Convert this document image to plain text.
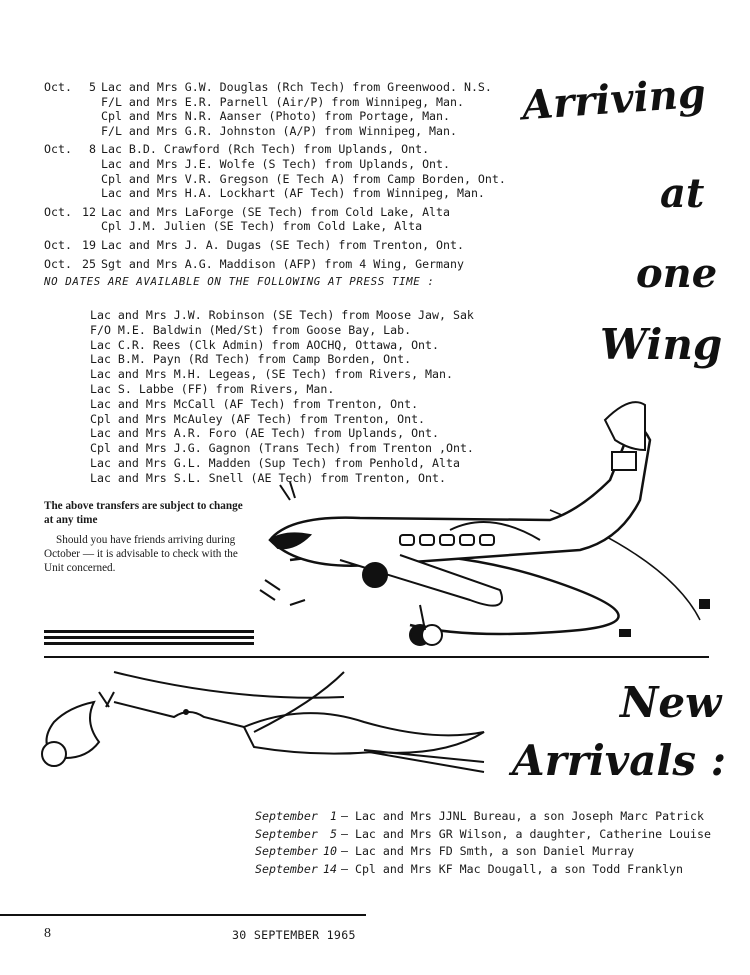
Oct.	5 Lac and Mrs G.W. Douglas (Rch Tech) from Greenwood. N.S.
F/L and Mrs E.R. Parnell (Air/P) from Winnipeg, Man.
Cpl and Mrs N.R. Aanser (Photo) from Portage, Man.
F/L and Mrs G.R. Johnston (A/P) from Winnipeg, Man.
Oct.	8 Lac B.D. Crawford (Rch Tech) from Uplands, Ont.
Lac and Mrs J.E. Wolfe (S Tech) from Uplands, Ont.
Cpl and Mrs V.R. Gregson (E Tech A) from Camp Borden, Ont.
Lac and Mrs H.A. Lockhart (AF Tech) from Winnipeg, Man.
Oct. 12 Lac and Mrs LaForge (SE Tech) from Cold Lake, Alta
Cpl J.M. Julien (SE Tech) from Cold Lake, Alta
Oct. 19 Lac and Mrs J. A. Dugas (SE Tech) from Trenton, Ont.
Oct. 25 Sgt and Mrs A.G. Maddison (AFP) from 4 Wing, Germany
NO DATES ARE AVAILABLE ON THE FOLLOWING AT PRESS TIME :
Lac and Mrs J.W. Robinson (SE Tech) from Moose Jaw, Sak
F/O M.E. Baldwin (Med/St) from Goose Bay, Lab.
Lac C.R. Rees (Clk Admin) from AOCHQ, Ottawa, Ont.
Lac B.M. Payn (Rd Tech) from Camp Borden, Ont.
Lac and Mrs M.H. Legeas, (SE Tech) from Rivers, Man.
Lac S. Labbe (FF) from Rivers, Man.
Lac and Mrs McCall (AF Tech) from Trenton, Ont.
Cpl and Mrs McAuley (AF Tech) from Trenton, Ont.
Lac and Mrs A.R. Foro (AE Tech) from Uplands, Ont.
Cpl and Mrs J.G. Gagnon (Trans Tech) from Trenton ,Ont.
Lac and Mrs G.L. Madden (Sup Tech) from Penhold, Alta
Lac and Mrs S.L. Snell (AE Tech) from Trenton, Ont.
Arriving
at
one
Wing
The above transfers are subject to change at any time
Should you have friends arriving during October — it is advisable to check with the Unit concerned.
New
Arrivals :
September 1 — Lac and Mrs JJNL Bureau, a son Joseph Marc Patrick
September 5 — Lac and Mrs GR Wilson, a daughter, Catherine Louise
September 10 — Lac and Mrs FD Smth, a son Daniel Murray
September 14 — Cpl and Mrs KF Mac Dougall, a son Todd Franklyn
8	30 SEPTEMBER 1965
